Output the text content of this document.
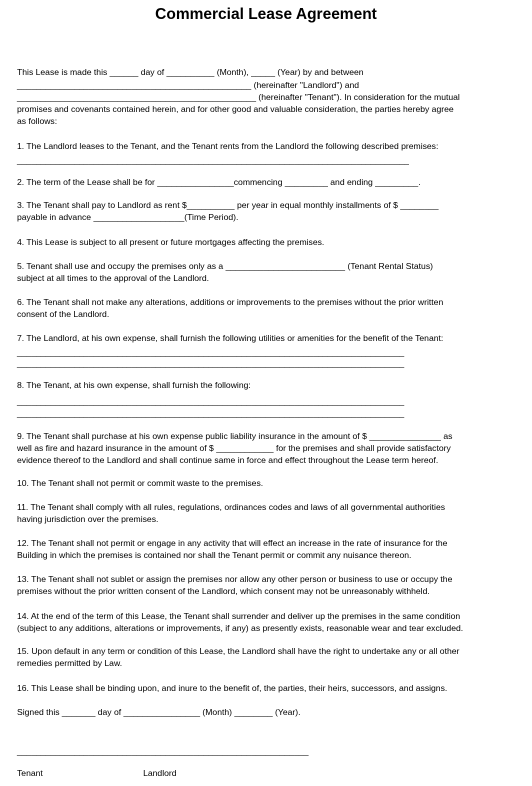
Commercial Lease Agreement
This Lease is made this ______ day of __________ (Month), _____ (Year) by and between
_________________________________________________ (hereinafter "Landlord") and
__________________________________________________ (hereinafter "Tenant"). In consideration for the mutual
promises and covenants contained herein, and for other good and valuable consideration, the parties hereby agree
as follows:
1. The Landlord leases to the Tenant, and the Tenant rents from the Landlord the following described premises:
__________________________________________________________________________________
2. The term of the Lease shall be for ________________commencing _________ and ending _________.
3. The Tenant shall pay to Landlord as rent $__________ per year in equal monthly installments of $ ________
payable in advance ___________________(Time Period).
4. This Lease is subject to all present or future mortgages affecting the premises.
5. Tenant shall use and occupy the premises only as a _________________________ (Tenant Rental Status)
subject at all times to the approval of the Landlord.
6. The Tenant shall not make any alterations, additions or improvements to the premises without the prior written
consent of the Landlord.
7. The Landlord, at his own expense, shall furnish the following utilities or amenities for the benefit of the Tenant:
_________________________________________________________________________________
_________________________________________________________________________________
8. The Tenant, at his own expense, shall furnish the following:
_________________________________________________________________________________
_________________________________________________________________________________
9. The Tenant shall purchase at his own expense public liability insurance in the amount of $ _______________ as
well as fire and hazard insurance in the amount of $ ____________ for the premises and shall provide satisfactory
evidence thereof to the Landlord and shall continue same in force and effect throughout the Lease term hereof.
10. The Tenant shall not permit or commit waste to the premises.
11. The Tenant shall comply with all rules, regulations, ordinances codes and laws of all governmental authorities
having jurisdiction over the premises.
12. The Tenant shall not permit or engage in any activity that will effect an increase in the rate of insurance for the
Building in which the premises is contained nor shall the Tenant permit or commit any nuisance thereon.
13. The Tenant shall not sublet or assign the premises nor allow any other person or business to use or occupy the
premises without the prior written consent of the Landlord, which consent may not be unreasonably withheld.
14. At the end of the term of this Lease, the Tenant shall surrender and deliver up the premises in the same condition
(subject to any additions, alterations or improvements, if any) as presently exists, reasonable wear and tear excluded.
15. Upon default in any term or condition of this Lease, the Landlord shall have the right to undertake any or all other
remedies permitted by Law.
16. This Lease shall be binding upon, and inure to the benefit of, the parties, their heirs, successors, and assigns.
Signed this _______ day of ________________ (Month) ________ (Year).
_____________________________________________________________
Tenant                                          Landlord
